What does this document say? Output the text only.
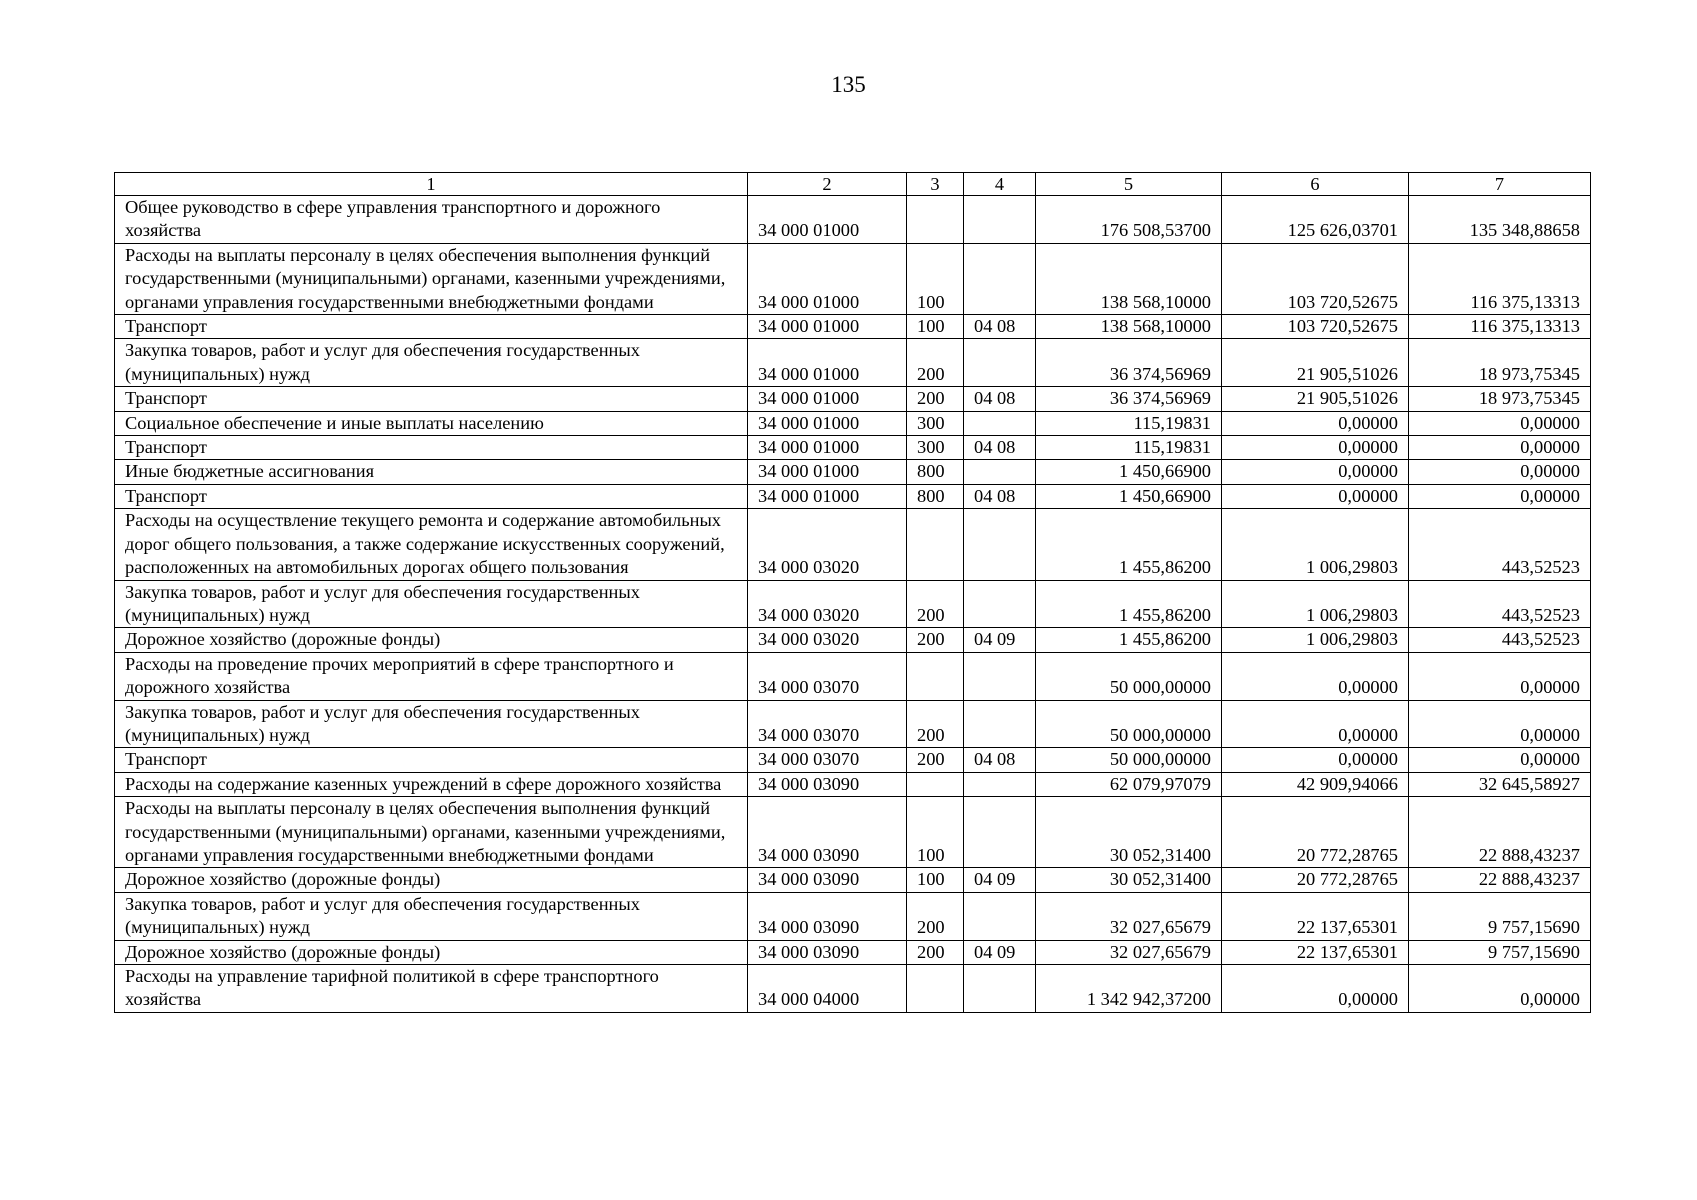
135
1	2	3	4	5	6	7
Общее руководство в сфере управления транспортного и дорожного хозяйства	34 000 01000			176 508,53700	125 626,03701	135 348,88658
Расходы на выплаты персоналу в целях обеспечения выполнения функций государственными (муниципальными) органами, казенными учреждениями, органами управления государственными внебюджетными фондами	34 000 01000	100		138 568,10000	103 720,52675	116 375,13313
Транспорт	34 000 01000	100	04 08	138 568,10000	103 720,52675	116 375,13313
Закупка товаров, работ и услуг для обеспечения государственных (муниципальных) нужд	34 000 01000	200		36 374,56969	21 905,51026	18 973,75345
Транспорт	34 000 01000	200	04 08	36 374,56969	21 905,51026	18 973,75345
Социальное обеспечение и иные выплаты населению	34 000 01000	300		115,19831	0,00000	0,00000
Транспорт	34 000 01000	300	04 08	115,19831	0,00000	0,00000
Иные бюджетные ассигнования	34 000 01000	800		1 450,66900	0,00000	0,00000
Транспорт	34 000 01000	800	04 08	1 450,66900	0,00000	0,00000
Расходы на осуществление текущего ремонта и содержание автомобильных дорог общего пользования, а также содержание искусственных сооружений, расположенных на автомобильных дорогах общего пользования	34 000 03020			1 455,86200	1 006,29803	443,52523
Закупка товаров, работ и услуг для обеспечения государственных (муниципальных) нужд	34 000 03020	200		1 455,86200	1 006,29803	443,52523
Дорожное хозяйство (дорожные фонды)	34 000 03020	200	04 09	1 455,86200	1 006,29803	443,52523
Расходы на проведение прочих мероприятий в сфере транспортного и дорожного хозяйства	34 000 03070			50 000,00000	0,00000	0,00000
Закупка товаров, работ и услуг для обеспечения государственных (муниципальных) нужд	34 000 03070	200		50 000,00000	0,00000	0,00000
Транспорт	34 000 03070	200	04 08	50 000,00000	0,00000	0,00000
Расходы на содержание казенных учреждений в сфере дорожного хозяйства	34 000 03090			62 079,97079	42 909,94066	32 645,58927
Расходы на выплаты персоналу в целях обеспечения выполнения функций государственными (муниципальными) органами, казенными учреждениями, органами управления государственными внебюджетными фондами	34 000 03090	100		30 052,31400	20 772,28765	22 888,43237
Дорожное хозяйство (дорожные фонды)	34 000 03090	100	04 09	30 052,31400	20 772,28765	22 888,43237
Закупка товаров, работ и услуг для обеспечения государственных (муниципальных) нужд	34 000 03090	200		32 027,65679	22 137,65301	9 757,15690
Дорожное хозяйство (дорожные фонды)	34 000 03090	200	04 09	32 027,65679	22 137,65301	9 757,15690
Расходы на управление тарифной политикой в сфере транспортного хозяйства	34 000 04000			1 342 942,37200	0,00000	0,00000
